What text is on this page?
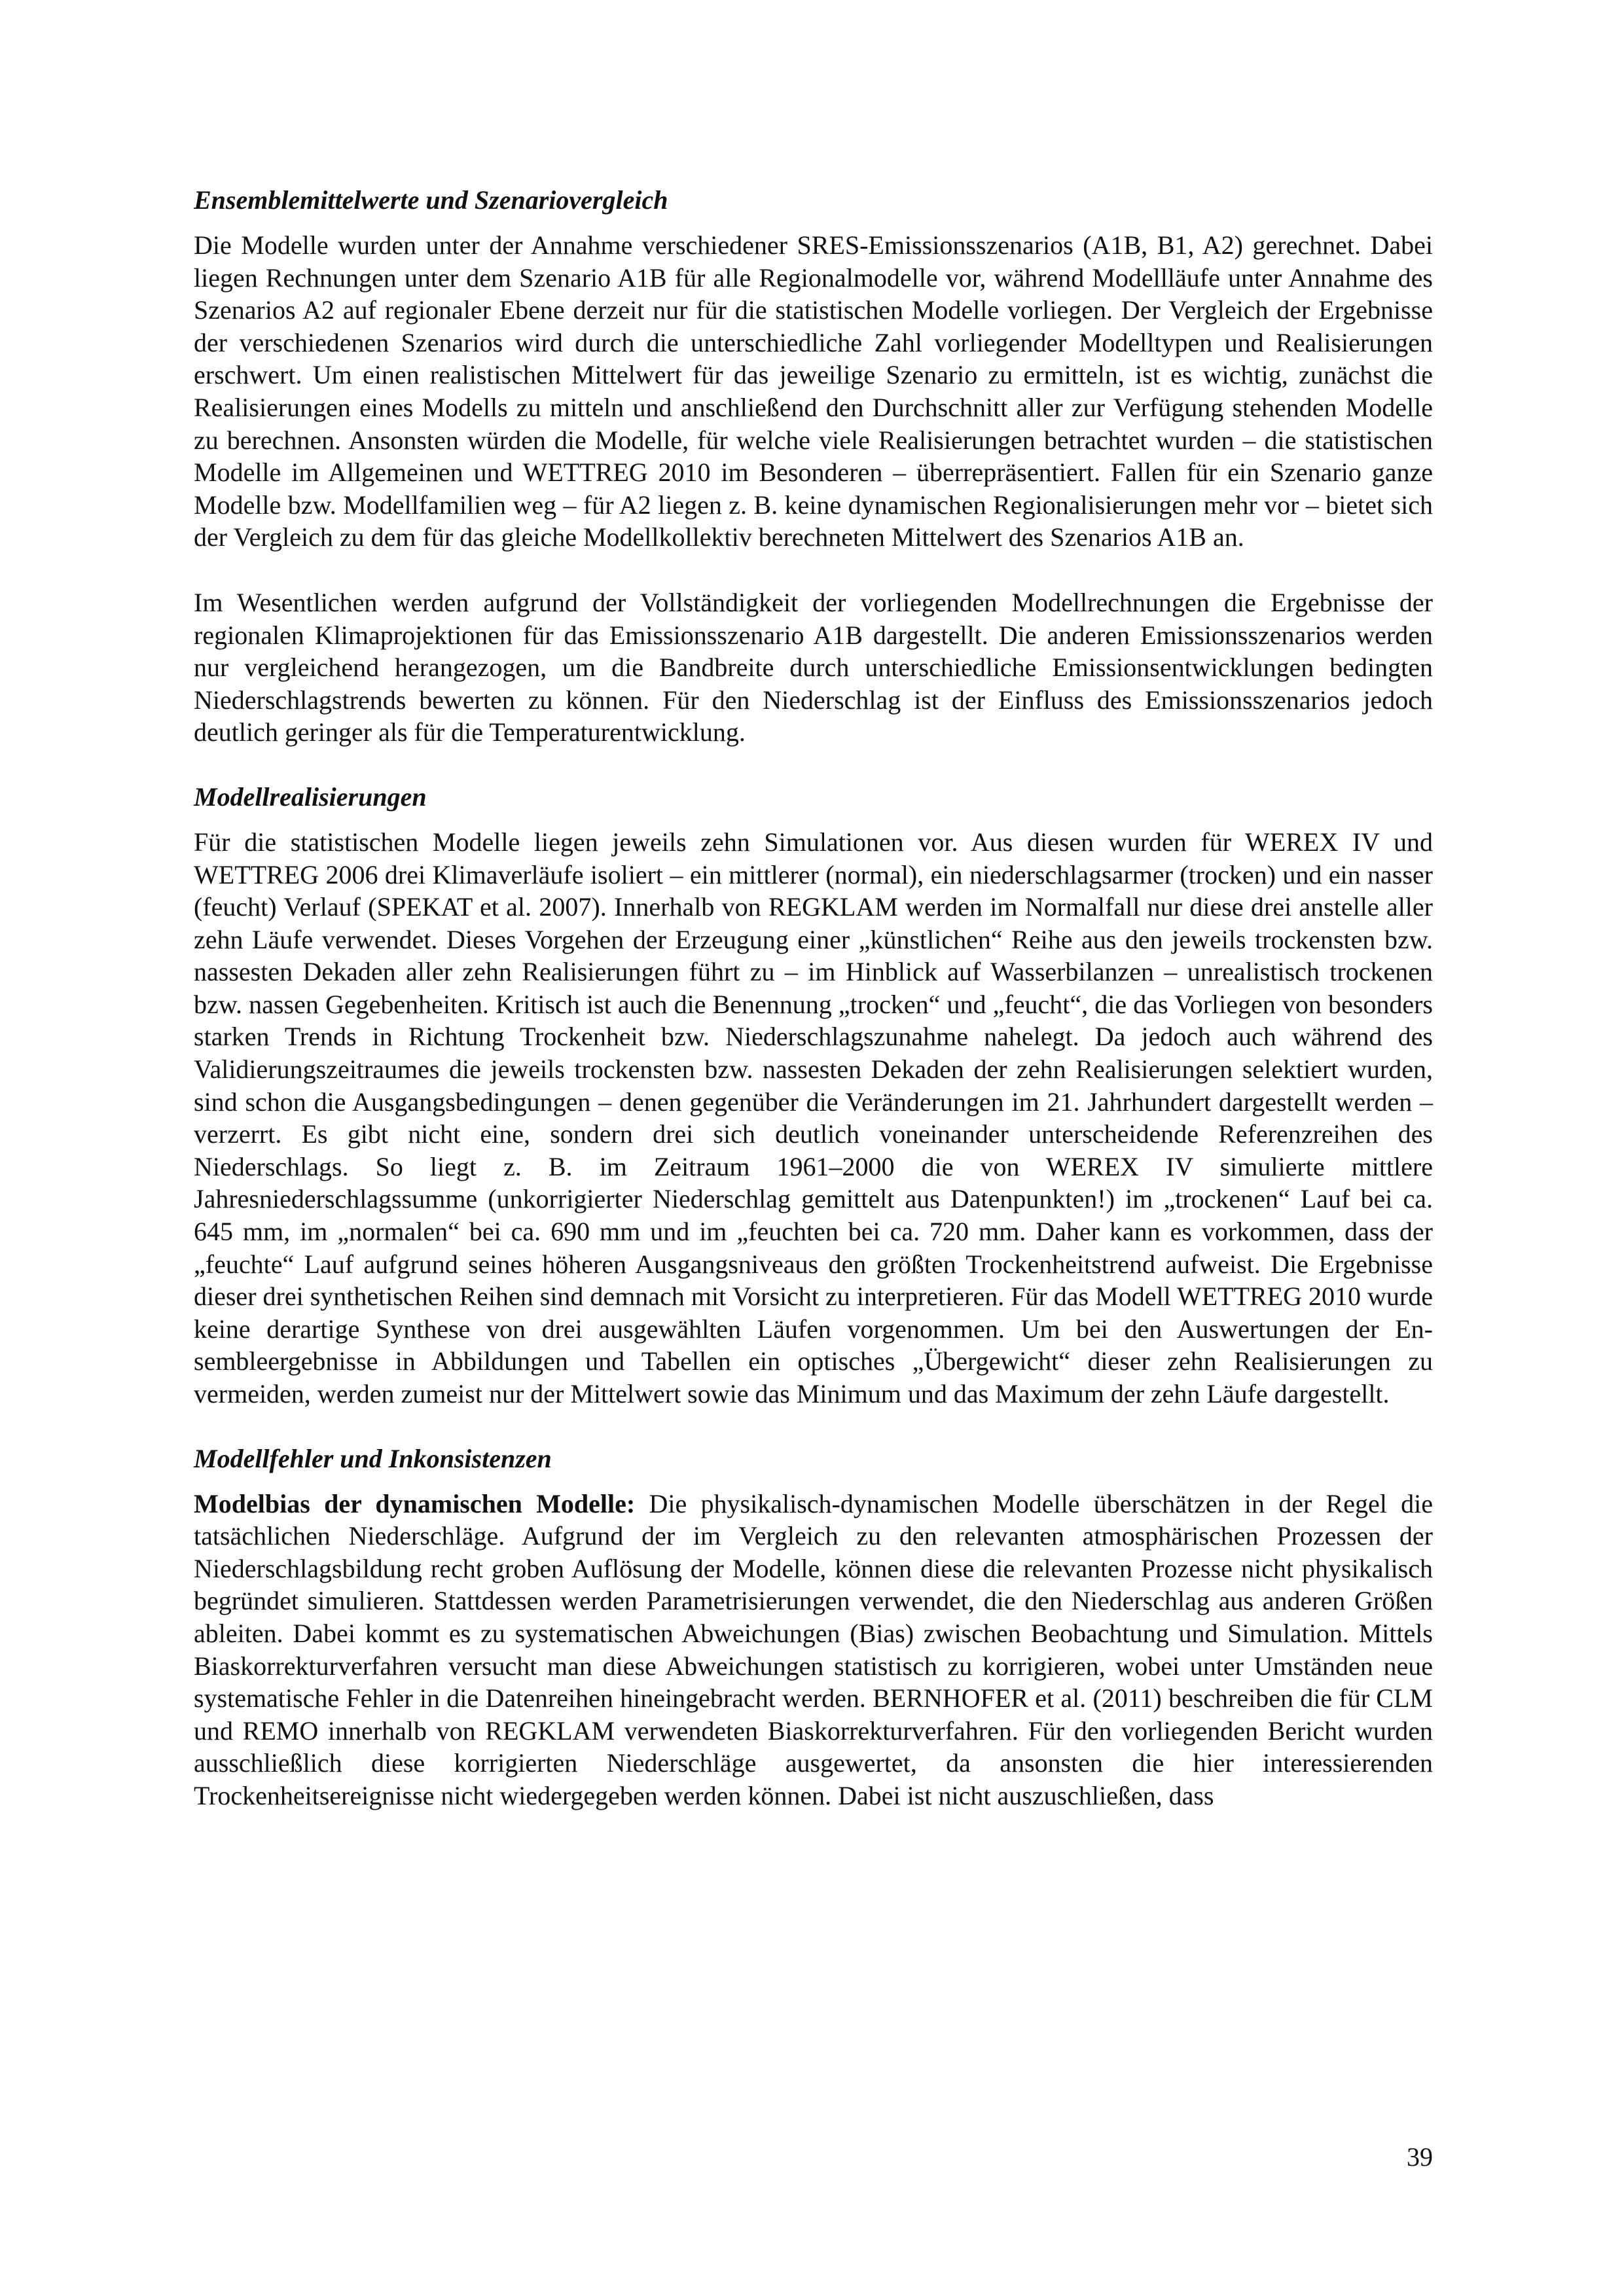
Ensemblemittelwerte und Szenariovergleich

Die Modelle wurden unter der Annahme verschiedener SRES-Emissionsszenarios (A1B, B1, A2) gerechnet. Dabei liegen Rechnungen unter dem Szenario A1B für alle Regionalmodelle vor, während Modellläufe unter Annahme des Szenarios A2 auf regionaler Ebene derzeit nur für die statistischen Modelle vorliegen. Der Vergleich der Ergebnisse der verschiedenen Szenarios wird durch die unterschiedliche Zahl vorliegender Modelltypen und Realisierungen erschwert. Um einen realistischen Mittelwert für das jeweilige Szenario zu ermitteln, ist es wichtig, zunächst die Realisierungen eines Modells zu mitteln und anschließend den Durchschnitt aller zur Verfügung stehenden Modelle zu berechnen. Ansonsten würden die Modelle, für welche viele Realisierungen betrachtet wurden – die statistischen Modelle im Allgemeinen und WETTREG 2010 im Besonderen – überrepräsentiert. Fallen für ein Szenario ganze Modelle bzw. Modellfamilien weg – für A2 liegen z. B. keine dynamischen Regionalisierungen mehr vor – bietet sich der Vergleich zu dem für das gleiche Modellkollektiv berechneten Mittelwert des Szenarios A1B an.

Im Wesentlichen werden aufgrund der Vollständigkeit der vorliegenden Modellrechnungen die Ergebnisse der regionalen Klimaprojektionen für das Emissionsszenario A1B dargestellt. Die anderen Emissionsszenarios werden nur vergleichend herangezogen, um die Bandbreite durch unterschiedliche Emissionsentwicklungen bedingten Niederschlagstrends bewerten zu können. Für den Niederschlag ist der Einfluss des Emissionsszenarios jedoch deutlich geringer als für die Temperaturentwicklung.

Modellrealisierungen

Für die statistischen Modelle liegen jeweils zehn Simulationen vor. Aus diesen wurden für WEREX IV und WETTREG 2006 drei Klimaverläufe isoliert – ein mittlerer (normal), ein niederschlagsarmer (trocken) und ein nasser (feucht) Verlauf (SPEKAT et al. 2007). Innerhalb von REGKLAM werden im Normalfall nur diese drei anstelle aller zehn Läufe verwendet. Dieses Vorgehen der Erzeugung einer „künstlichen“ Reihe aus den jeweils trockensten bzw. nassesten Dekaden aller zehn Realisierungen führt zu – im Hinblick auf Wasserbilanzen – unrealistisch trockenen bzw. nassen Gegebenheiten. Kritisch ist auch die Benennung „trocken“ und „feucht“, die das Vorliegen von besonders starken Trends in Richtung Trockenheit bzw. Niederschlagszunahme nahelegt. Da jedoch auch während des Validierungszeitraumes die jeweils trockensten bzw. nassesten Dekaden der zehn Realisierungen selektiert wurden, sind schon die Ausgangsbedingungen – denen gegenüber die Veränderungen im 21. Jahrhundert dargestellt werden – verzerrt. Es gibt nicht eine, sondern drei sich deutlich voneinander unterscheidende Referenzreihen des Niederschlags. So liegt z. B. im Zeitraum 1961–2000 die von WEREX IV simulierte mittlere Jahresniederschlagssumme (unkorrigierter Niederschlag gemittelt aus Datenpunkten!) im „trockenen“ Lauf bei ca. 645 mm, im „normalen“ bei ca. 690 mm und im „feuchten bei ca. 720 mm. Daher kann es vorkommen, dass der „feuchte“ Lauf aufgrund seines höheren Ausgangsniveaus den größten Trockenheitstrend aufweist. Die Ergebnisse dieser drei synthetischen Reihen sind demnach mit Vorsicht zu interpretieren. Für das Modell WETTREG 2010 wurde keine derartige Synthese von drei ausgewählten Läufen vorgenommen. Um bei den Auswertungen der Ensembleergebnisse in Abbildungen und Tabellen ein optisches „Übergewicht“ dieser zehn Realisierungen zu vermeiden, werden zumeist nur der Mittelwert sowie das Minimum und das Maximum der zehn Läufe dargestellt.

Modellfehler und Inkonsistenzen

Modelbias der dynamischen Modelle: Die physikalisch-dynamischen Modelle überschätzen in der Regel die tatsächlichen Niederschläge. Aufgrund der im Vergleich zu den relevanten atmosphärischen Prozessen der Niederschlagsbildung recht groben Auflösung der Modelle, können diese die relevanten Prozesse nicht physikalisch begründet simulieren. Stattdessen werden Parametrisierungen verwendet, die den Niederschlag aus anderen Größen ableiten. Dabei kommt es zu systematischen Abweichungen (Bias) zwischen Beobachtung und Simulation. Mittels Biaskorrekturverfahren versucht man diese Abweichungen statistisch zu korrigieren, wobei unter Umständen neue systematische Fehler in die Datenreihen hineingebracht werden. BERNHOFER et al. (2011) beschreiben die für CLM und REMO innerhalb von REGKLAM verwendeten Biaskorrekturverfahren. Für den vorliegenden Bericht wurden ausschließlich diese korrigierten Niederschläge ausgewertet, da ansonsten die hier interessierenden Trockenheitsereignisse nicht wiedergegeben werden können. Dabei ist nicht auszuschließen, dass

39
